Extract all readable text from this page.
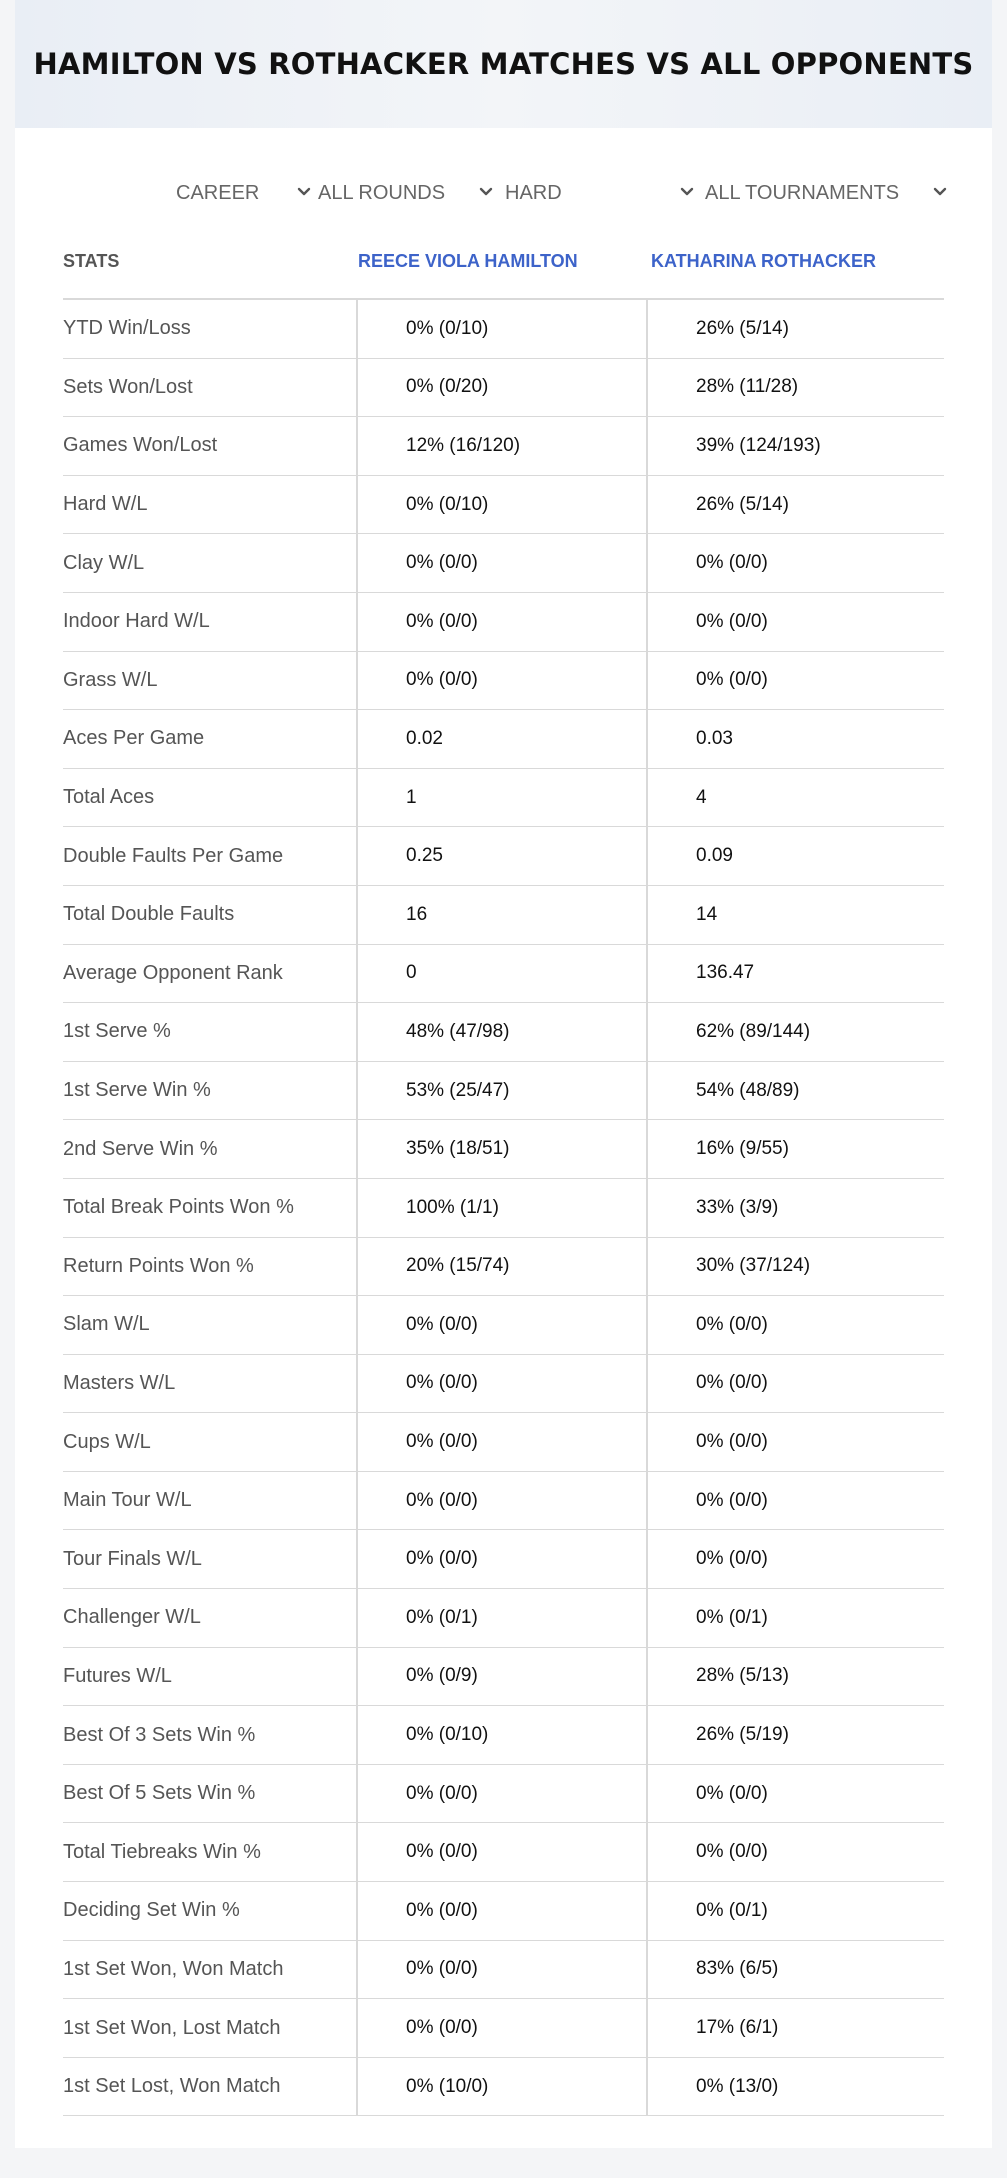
HAMILTON VS ROTHACKER MATCHES VS ALL OPPONENTS
CAREER	ALL ROUNDS	HARD	ALL TOURNAMENTS
STATS	REECE VIOLA HAMILTON	KATHARINA ROTHACKER
YTD Win/Loss	0% (0/10)	26% (5/14)
Sets Won/Lost	0% (0/20)	28% (11/28)
Games Won/Lost	12% (16/120)	39% (124/193)
Hard W/L	0% (0/10)	26% (5/14)
Clay W/L	0% (0/0)	0% (0/0)
Indoor Hard W/L	0% (0/0)	0% (0/0)
Grass W/L	0% (0/0)	0% (0/0)
Aces Per Game	0.02	0.03
Total Aces	1	4
Double Faults Per Game	0.25	0.09
Total Double Faults	16	14
Average Opponent Rank	0	136.47
1st Serve %	48% (47/98)	62% (89/144)
1st Serve Win %	53% (25/47)	54% (48/89)
2nd Serve Win %	35% (18/51)	16% (9/55)
Total Break Points Won %	100% (1/1)	33% (3/9)
Return Points Won %	20% (15/74)	30% (37/124)
Slam W/L	0% (0/0)	0% (0/0)
Masters W/L	0% (0/0)	0% (0/0)
Cups W/L	0% (0/0)	0% (0/0)
Main Tour W/L	0% (0/0)	0% (0/0)
Tour Finals W/L	0% (0/0)	0% (0/0)
Challenger W/L	0% (0/1)	0% (0/1)
Futures W/L	0% (0/9)	28% (5/13)
Best Of 3 Sets Win %	0% (0/10)	26% (5/19)
Best Of 5 Sets Win %	0% (0/0)	0% (0/0)
Total Tiebreaks Win %	0% (0/0)	0% (0/0)
Deciding Set Win %	0% (0/0)	0% (0/1)
1st Set Won, Won Match	0% (0/0)	83% (6/5)
1st Set Won, Lost Match	0% (0/0)	17% (6/1)
1st Set Lost, Won Match	0% (10/0)	0% (13/0)
